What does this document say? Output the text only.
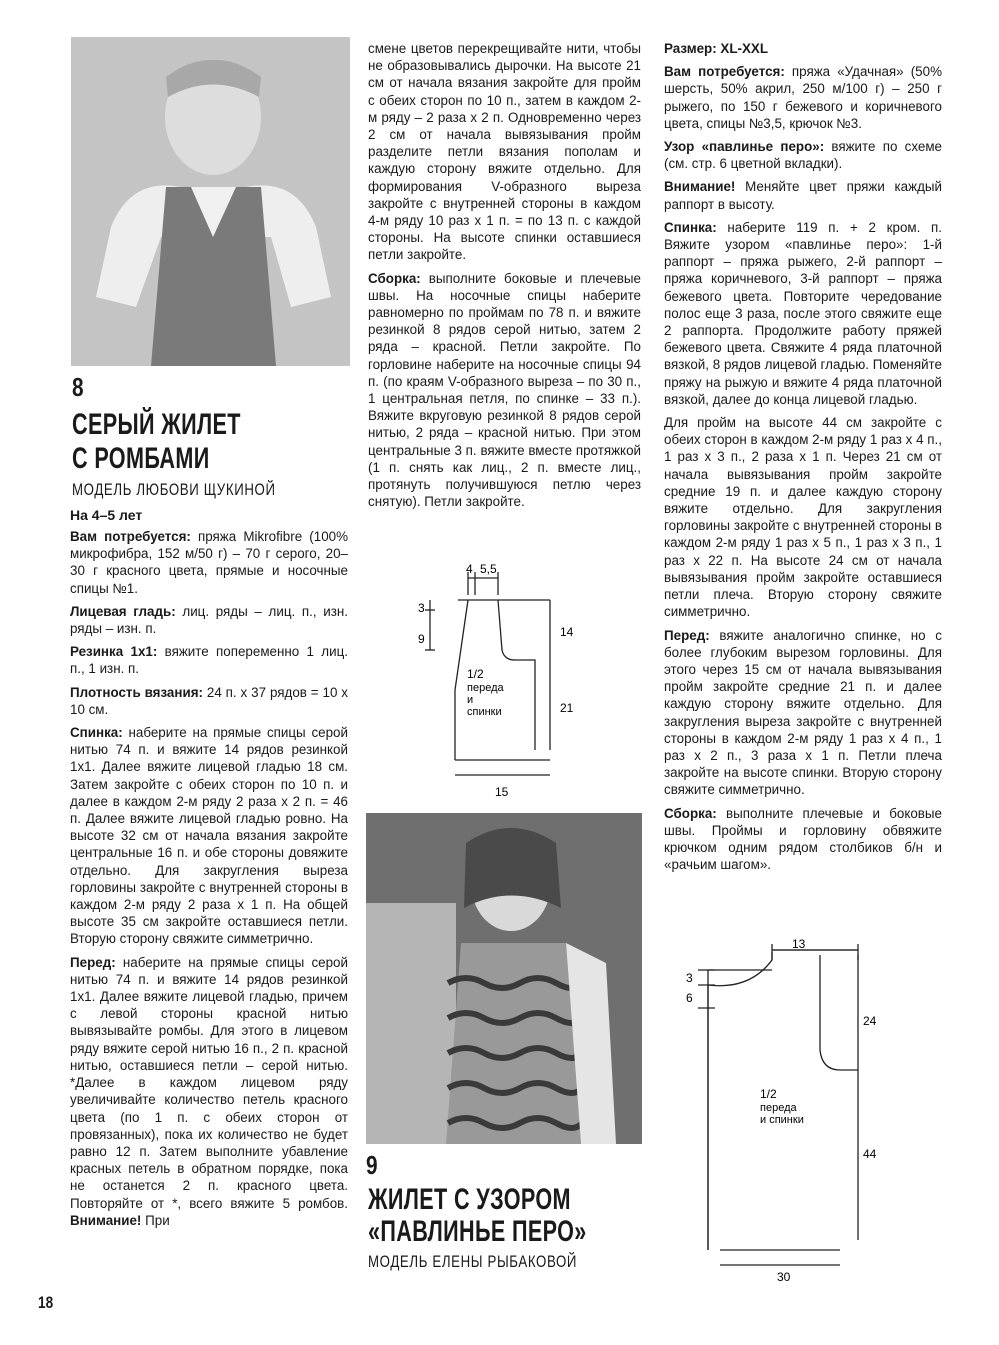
8
СЕРЫЙ ЖИЛЕТ
С РОМБАМИ
МОДЕЛЬ ЛЮБОВИ ЩУКИНОЙ
На 4–5 лет

Вам потребуется: пряжа Mikrofibre (100% микрофибра, 152 м/50 г) – 70 г серого, 20–30 г красного цвета, прямые и носочные спицы №1.

Лицевая гладь: лиц. ряды – лиц. п., изн. ряды – изн. п.

Резинка 1x1: вяжите попеременно 1 лиц. п., 1 изн. п.

Плотность вязания: 24 п. х 37 рядов = 10 х 10 см.

Спинка: наберите на прямые спицы серой нитью 74 п. и вяжите 14 рядов резинкой 1x1. Далее вяжите лицевой гладью 18 см. Затем закройте с обеих сторон по 10 п. и далее в каждом 2-м ряду 2 раза х 2 п. = 46 п. Далее вяжите лицевой гладью ровно. На высоте 32 см от начала вязания закройте центральные 16 п. и обе стороны довяжите отдельно. Для закругления выреза горловины закройте с внутренней стороны в каждом 2-м ряду 2 раза х 1 п. На общей высоте 35 см закройте оставшиеся петли. Вторую сторону свяжите симметрично.

Перед: наберите на прямые спицы серой нитью 74 п. и вяжите 14 рядов резинкой 1x1. Далее вяжите лицевой гладью, причем с левой стороны красной нитью вывязывайте ромбы. Для этого в лицевом ряду вяжите серой нитью 16 п., 2 п. красной нитью, оставшиеся петли – серой нитью. *Далее в каждом лицевом ряду увеличивайте количество петель красного цвета (по 1 п. с обеих сторон от провязанных), пока их количество не будет равно 12 п. Затем выполните убавление красных петель в обратном порядке, пока не останется 2 п. красного цвета. Повторяйте от *, всего вяжите 5 ромбов. Внимание! При

смене цветов перекрещивайте нити, чтобы не образовывались дырочки. На высоте 21 см от начала вязания закройте для пройм с обеих сторон по 10 п., затем в каждом 2-м ряду – 2 раза х 2 п. Одновременно через 2 см от начала вывязывания пройм разделите петли вязания пополам и каждую сторону вяжите отдельно. Для формирования V-образного выреза закройте с внутренней стороны в каждом 4-м ряду 10 раз х 1 п. = по 13 п. с каждой стороны. На высоте спинки оставшиеся петли закройте.

Сборка: выполните боковые и плечевые швы. На носочные спицы наберите равномерно по проймам по 78 п. и вяжите резинкой 8 рядов серой нитью, затем 2 ряда – красной. Петли закройте. По горловине наберите на носочные спицы 94 п. (по краям V-образного выреза – по 30 п., 1 центральная петля, по спинке – 33 п.). Вяжите вкруговую резинкой 8 рядов серой нитью, 2 ряда – красной нитью. При этом центральные 3 п. вяжите вместе протяжкой (1 п. снять как лиц., 2 п. вместе лиц., протянуть получившуюся петлю через снятую). Петли закройте.

4 5,5
3
9	14
21
15
1/2
переда
и
спинки
9
ЖИЛЕТ С УЗОРОМ
«ПАВЛИНЬЕ ПЕРО»
МОДЕЛЬ ЕЛЕНЫ РЫБАКОВОЙ

Размер: XL-XXL

Вам потребуется: пряжа «Удачная» (50% шерсть, 50% акрил, 250 м/100 г) – 250 г рыжего, по 150 г бежевого и коричневого цвета, спицы №3,5, крючок №3.

Узор «павлинье перо»: вяжите по схеме (см. стр. 6 цветной вкладки).

Внимание! Меняйте цвет пряжи каждый раппорт в высоту.

Спинка: наберите 119 п. + 2 кром. п. Вяжите узором «павлинье перо»: 1-й раппорт – пряжа рыжего, 2-й раппорт – пряжа коричневого, 3-й раппорт – пряжа бежевого цвета. Повторите чередование полос еще 3 раза, после этого свяжите еще 2 раппорта. Продолжите работу пряжей бежевого цвета. Свяжите 4 ряда платочной вязкой, 8 рядов лицевой гладью. Поменяйте пряжу на рыжую и вяжите 4 ряда платочной вязкой, далее до конца лицевой гладью.

Для пройм на высоте 44 см закройте с обеих сторон в каждом 2-м ряду 1 раз х 4 п., 1 раз х 3 п., 2 раза х 1 п. Через 21 см от начала вывязывания пройм закройте средние 19 п. и далее каждую сторону вяжите отдельно. Для закругления горловины закройте с внутренней стороны в каждом 2-м ряду 1 раз х 5 п., 1 раз х 3 п., 1 раз х 22 п. На высоте 24 см от начала вывязывания пройм закройте оставшиеся петли плеча. Вторую сторону свяжите симметрично.

Перед: вяжите аналогично спинке, но с более глубоким вырезом горловины. Для этого через 15 см от начала вывязывания пройм закройте средние 21 п. и далее каждую сторону вяжите отдельно. Для закругления выреза закройте с внутренней стороны в каждом 2-м ряду 1 раз х 4 п., 1 раз х 2 п., 3 раза х 1 п. Петли плеча закройте на высоте спинки. Вторую сторону свяжите симметрично.

Сборка: выполните плечевые и боковые швы. Проймы и горловину обвяжите крючком одним рядом столбиков б/н и «рачьим шагом».

13
3
6
24
44
30
1/2
переда
и спинки
18
